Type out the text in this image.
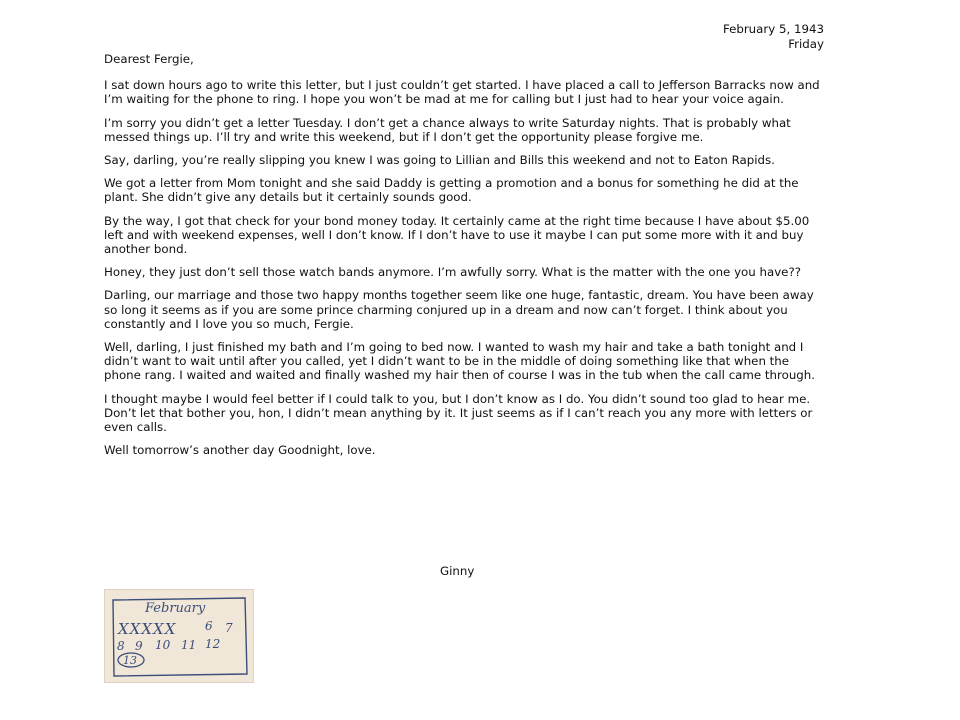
February 5, 1943
Friday
Dearest Fergie,
I sat down hours ago to write this letter, but I just couldn’t get started. I have placed a call to Jefferson Barracks now and I’m waiting for the phone to ring. I hope you won’t be mad at me for calling but I just had to hear your voice again.
I’m sorry you didn’t get a letter Tuesday. I don’t get a chance always to write Saturday nights. That is probably what messed things up. I’ll try and write this weekend, but if I don’t get the opportunity please forgive me.
Say, darling, you’re really slipping you knew I was going to Lillian and Bills this weekend and not to Eaton Rapids.
We got a letter from Mom tonight and she said Daddy is getting a promotion and a bonus for something he did at the plant. She didn’t give any details but it certainly sounds good.
By the way, I got that check for your bond money today. It certainly came at the right time because I have about $5.00 left and with weekend expenses, well I don’t know. If I don’t have to use it maybe I can put some more with it and buy another bond.
Honey, they just don’t sell those watch bands anymore. I’m awfully sorry. What is the matter with the one you have??
Darling, our marriage and those two happy months together seem like one huge, fantastic, dream. You have been away so long it seems as if you are some prince charming conjured up in a dream and now can’t forget. I think about you constantly and I love you so much, Fergie.
Well, darling, I just finished my bath and I’m going to bed now. I wanted to wash my hair and take a bath tonight and I didn’t want to wait until after you called, yet I didn’t want to be in the middle of doing something like that when the phone rang. I waited and waited and finally washed my hair then of course I was in the tub when the call came through.
I thought maybe I would feel better if I could talk to you, but I don’t know as I do. You didn’t sound too glad to hear me. Don’t let that bother you, hon, I didn’t mean anything by it. It just seems as if I can’t reach you any more with letters or even calls.
Well tomorrow’s another day Goodnight, love.
Ginny
February
XXXXX 6 7
8 9 10 11 12
13
